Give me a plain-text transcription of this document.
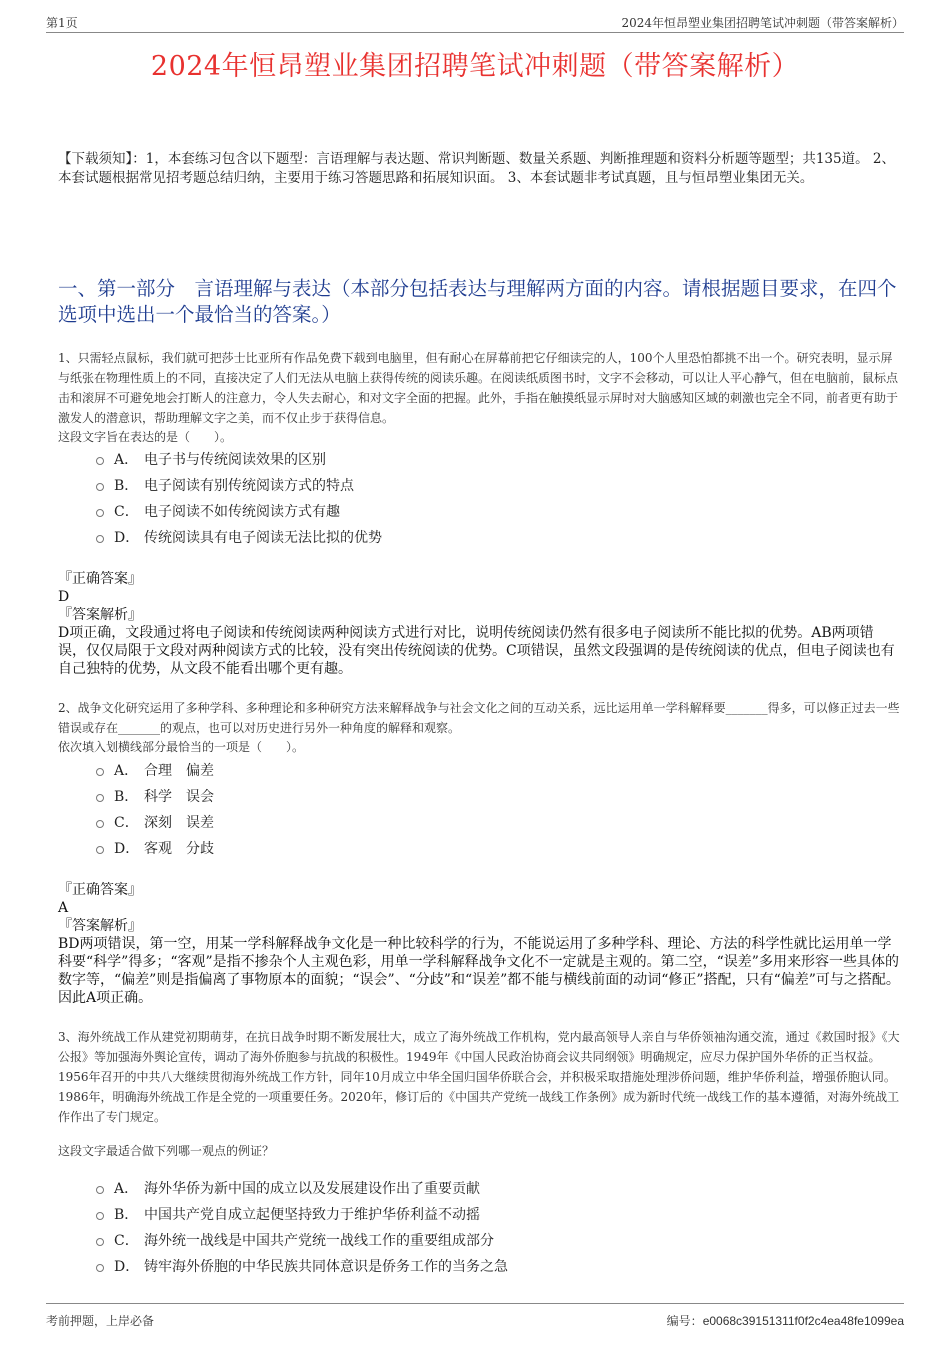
第1页	2024年恒昂塑业集团招聘笔试冲刺题（带答案解析）
2024年恒昂塑业集团招聘笔试冲刺题（带答案解析）
【下载须知】：1，本套练习包含以下题型：言语理解与表达题、常识判断题、数量关系题、判断推理题和资料分析题等题型；共135道。 2、本套试题根据常见招考题总结归纳，主要用于练习答题思路和拓展知识面。 3、本套试题非考试真题，且与恒昂塑业集团无关。
一、第一部分　言语理解与表达（本部分包括表达与理解两方面的内容。请根据题目要求，在四个选项中选出一个最恰当的答案。）
1、只需轻点鼠标，我们就可把莎士比亚所有作品免费下载到电脑里，但有耐心在屏幕前把它仔细读完的人，100个人里恐怕都挑不出一个。研究表明，显示屏与纸张在物理性质上的不同，直接决定了人们无法从电脑上获得传统的阅读乐趣。在阅读纸质图书时，文字不会移动，可以让人平心静气，但在电脑前，鼠标点击和滚屏不可避免地会打断人的注意力，令人失去耐心，和对文字全面的把握。此外，手指在触摸纸显示屏时对大脑感知区域的刺激也完全不同，前者更有助于激发人的潜意识，帮助理解文字之美，而不仅止步于获得信息。
这段文字旨在表达的是（　　）。
A． 电子书与传统阅读效果的区别
B． 电子阅读有别传统阅读方式的特点
C． 电子阅读不如传统阅读方式有趣
D． 传统阅读具有电子阅读无法比拟的优势
『正确答案』
D
『答案解析』
D项正确，文段通过将电子阅读和传统阅读两种阅读方式进行对比，说明传统阅读仍然有很多电子阅读所不能比拟的优势。AB两项错误，仅仅局限于文段对两种阅读方式的比较，没有突出传统阅读的优势。C项错误，虽然文段强调的是传统阅读的优点，但电子阅读也有自己独特的优势，从文段不能看出哪个更有趣。
2、战争文化研究运用了多种学科、多种理论和多种研究方法来解释战争与社会文化之间的互动关系，远比运用单一学科解释要_______得多，可以修正过去一些错误或存在_______的观点，也可以对历史进行另外一种角度的解释和观察。
依次填入划横线部分最恰当的一项是（　　）。
A． 合理　偏差
B． 科学　误会
C． 深刻　误差
D． 客观　分歧
『正确答案』
A
『答案解析』
BD两项错误，第一空，用某一学科解释战争文化是一种比较科学的行为，不能说运用了多种学科、理论、方法的科学性就比运用单一学科要“科学”得多；“客观”是指不掺杂个人主观色彩，用单一学科解释战争文化不一定就是主观的。第二空，“误差”多用来形容一些具体的数字等，“偏差”则是指偏离了事物原本的面貌；“误会”、“分歧”和“误差”都不能与横线前面的动词“修正”搭配，只有“偏差”可与之搭配。因此A项正确。
3、海外统战工作从建党初期萌芽，在抗日战争时期不断发展壮大，成立了海外统战工作机构，党内最高领导人亲自与华侨领袖沟通交流，通过《救国时报》《大公报》等加强海外舆论宣传，调动了海外侨胞参与抗战的积极性。1949年《中国人民政治协商会议共同纲领》明确规定，应尽力保护国外华侨的正当权益。1956年召开的中共八大继续贯彻海外统战工作方针，同年10月成立中华全国归国华侨联合会，并积极采取措施处理涉侨问题，维护华侨利益，增强侨胞认同。1986年，明确海外统战工作是全党的一项重要任务。2020年，修订后的《中国共产党统一战线工作条例》成为新时代统一战线工作的基本遵循，对海外统战工作作出了专门规定。
这段文字最适合做下列哪一观点的例证？
A． 海外华侨为新中国的成立以及发展建设作出了重要贡献
B． 中国共产党自成立起便坚持致力于维护华侨利益不动摇
C． 海外统一战线是中国共产党统一战线工作的重要组成部分
D． 铸牢海外侨胞的中华民族共同体意识是侨务工作的当务之急
考前押题，上岸必备	编号：e0068c39151311f0f2c4ea48fe1099ea
